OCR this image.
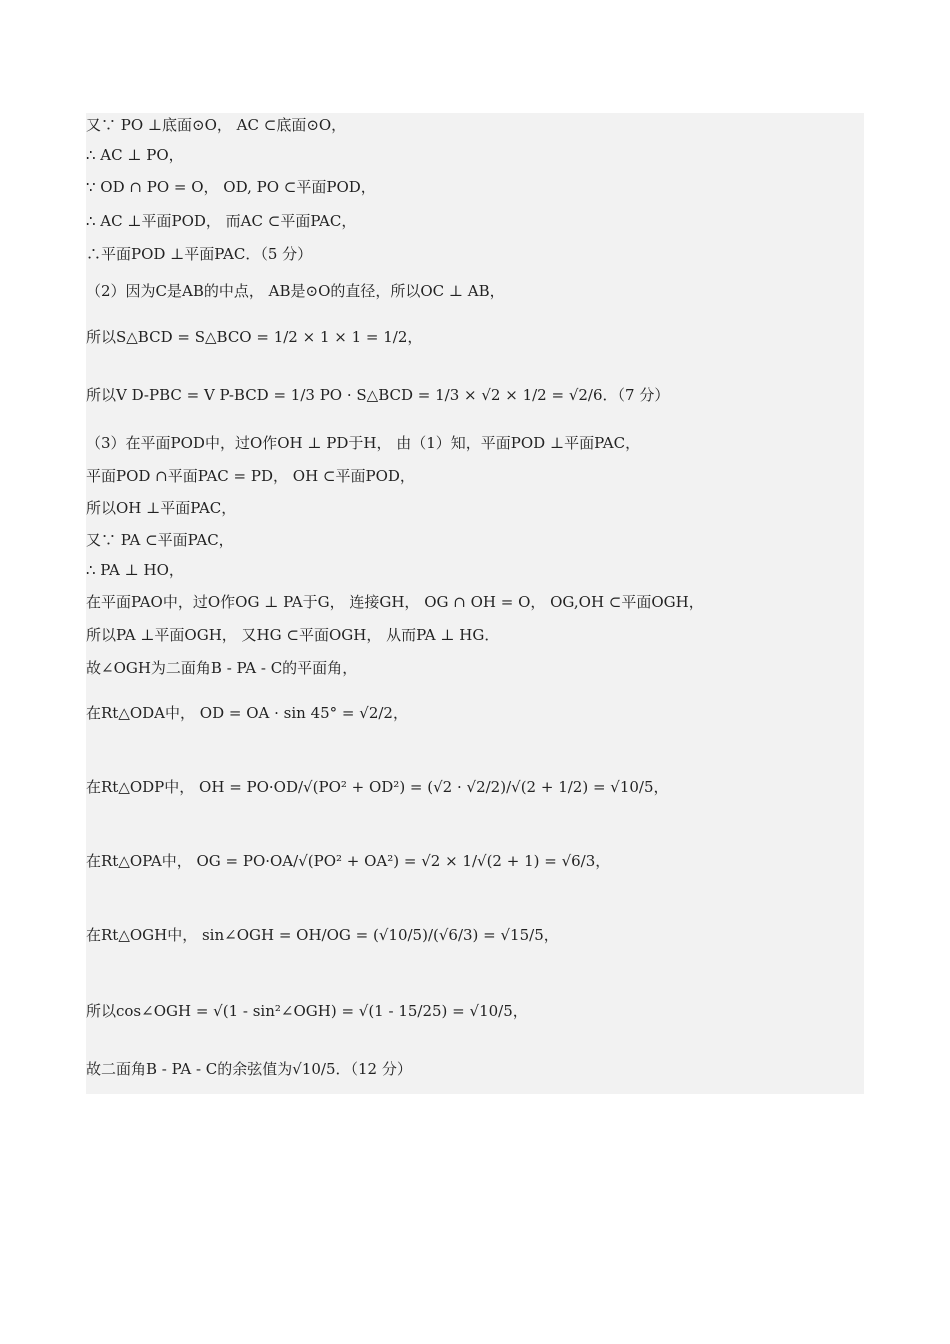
又∵ PO ⊥底面⊙O， AC ⊂底面⊙O，
∴ AC ⊥ PO，
∵ OD ∩ PO = O， OD, PO ⊂平面POD，
∴ AC ⊥平面POD， 而AC ⊂平面PAC，
∴平面POD ⊥平面PAC．（5 分）
（2）因为C是AB的中点， AB是⊙O的直径，所以OC ⊥ AB，
所以S△BCD = S△BCO = 1/2 × 1 × 1 = 1/2，
所以V D-PBC = V P-BCD = 1/3 PO · S△BCD = 1/3 × √2 × 1/2 = √2/6．（7 分）
（3）在平面POD中，过O作OH ⊥ PD于H， 由（1）知，平面POD ⊥平面PAC，
平面POD ∩平面PAC = PD， OH ⊂平面POD，
所以OH ⊥平面PAC，
又∵ PA ⊂平面PAC，
∴ PA ⊥ HO，
在平面PAO中，过O作OG ⊥ PA于G， 连接GH， OG ∩ OH = O， OG,OH ⊂平面OGH，
所以PA ⊥平面OGH， 又HG ⊂平面OGH， 从而PA ⊥ HG．
故∠OGH为二面角B - PA - C的平面角，
在Rt△ODA中， OD = OA · sin 45° = √2/2，
在Rt△ODP中， OH = PO·OD/√(PO² + OD²) = (√2 · √2/2)/√(2 + 1/2) = √10/5，
在Rt△OPA中， OG = PO·OA/√(PO² + OA²) = √2 × 1/√(2 + 1) = √6/3，
在Rt△OGH中， sin∠OGH = OH/OG = (√10/5)/(√6/3) = √15/5，
所以cos∠OGH = √(1 - sin²∠OGH) = √(1 - 15/25) = √10/5，
故二面角B - PA - C的余弦值为√10/5．（12 分）
